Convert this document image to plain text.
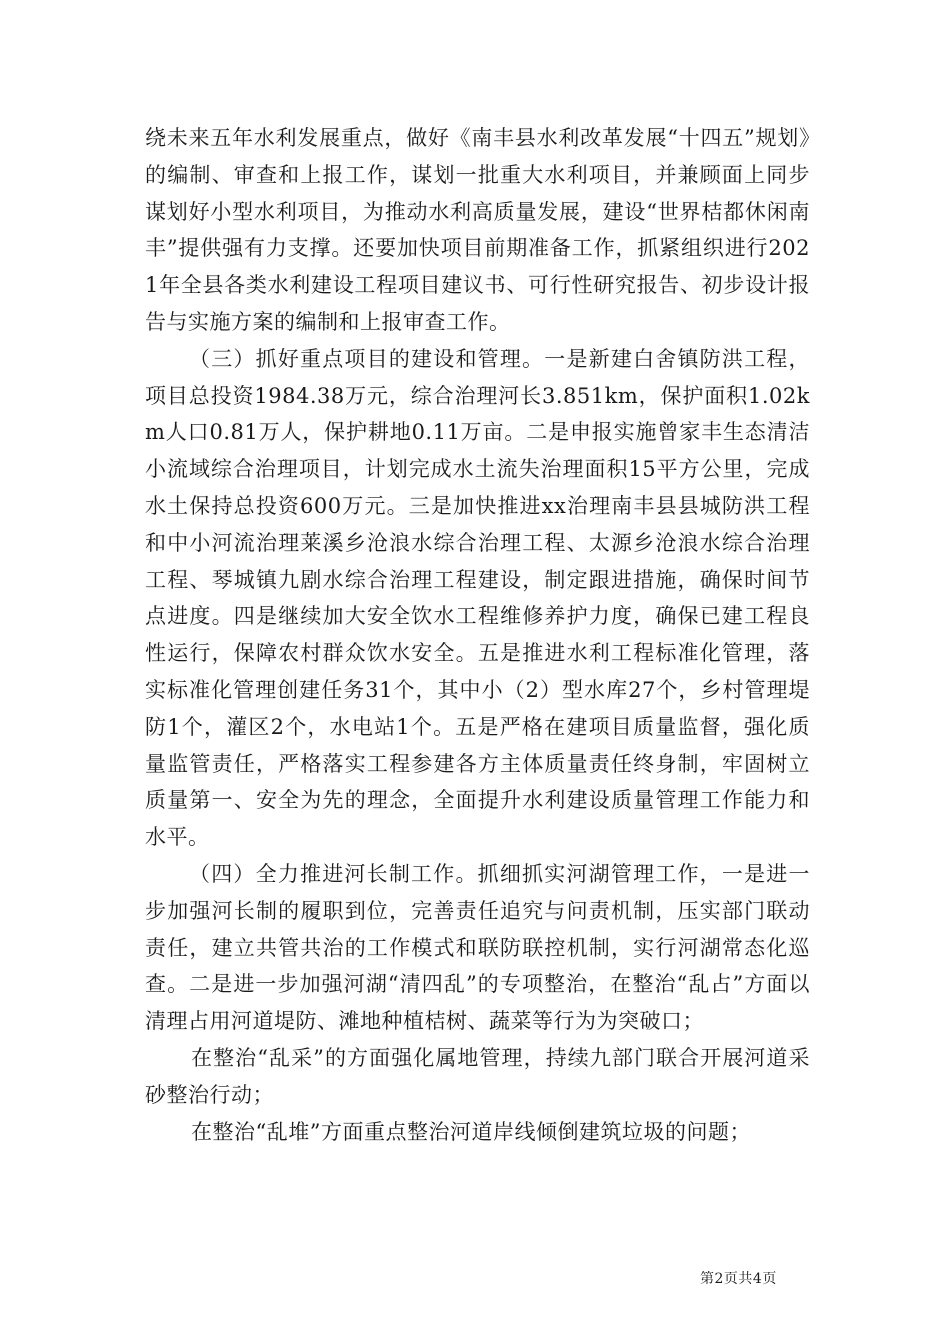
绕未来五年水利发展重点，做好《南丰县水利改革发展“十四五”规划》的编制、审查和上报工作，谋划一批重大水利项目，并兼顾面上同步谋划好小型水利项目，为推动水利高质量发展，建设“世界桔都休闲南丰”提供强有力支撑。还要加快项目前期准备工作，抓紧组织进行2021年全县各类水利建设工程项目建议书、可行性研究报告、初步设计报告与实施方案的编制和上报审查工作。

（三）抓好重点项目的建设和管理。一是新建白舍镇防洪工程，项目总投资1984.38万元，综合治理河长3.851km，保护面积1.02km人口0.81万人，保护耕地0.11万亩。二是申报实施曾家丰生态清洁小流域综合治理项目，计划完成水土流失治理面积15平方公里，完成水土保持总投资600万元。三是加快推进xx治理南丰县县城防洪工程和中小河流治理莱溪乡沧浪水综合治理工程、太源乡沧浪水综合治理工程、琴城镇九剧水综合治理工程建设，制定跟进措施，确保时间节点进度。四是继续加大安全饮水工程维修养护力度，确保已建工程良性运行，保障农村群众饮水安全。五是推进水利工程标准化管理，落实标准化管理创建任务31个，其中小（2）型水库27个，乡村管理堤防1个，灌区2个，水电站1个。五是严格在建项目质量监督，强化质量监管责任，严格落实工程参建各方主体质量责任终身制，牢固树立质量第一、安全为先的理念，全面提升水利建设质量管理工作能力和水平。

（四）全力推进河长制工作。抓细抓实河湖管理工作，一是进一步加强河长制的履职到位，完善责任追究与问责机制，压实部门联动责任，建立共管共治的工作模式和联防联控机制，实行河湖常态化巡查。二是进一步加强河湖“清四乱”的专项整治，在整治“乱占”方面以清理占用河道堤防、滩地种植桔树、蔬菜等行为为突破口；

在整治“乱采”的方面强化属地管理，持续九部门联合开展河道采砂整治行动；

在整治“乱堆”方面重点整治河道岸线倾倒建筑垃圾的问题；

第2页共4页
